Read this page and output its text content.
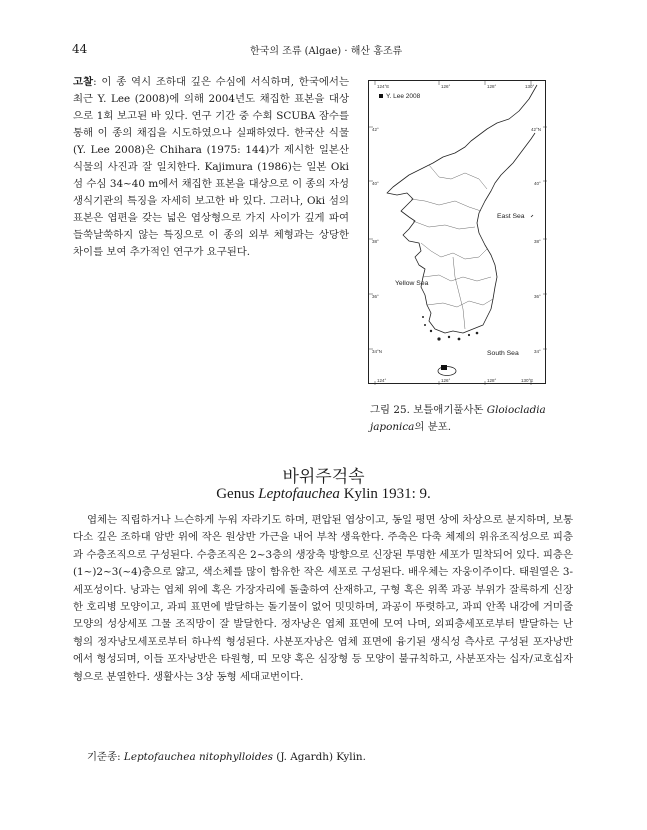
44	한국의 조류 (Algae) · 해산 홍조류
고찰: 이 종 역시 조하대 깊은 수심에 서식하며, 한국에서는 최근 Y. Lee (2008)에 의해 2004년도 채집한 표본을 대상으로 1회 보고된 바 있다. 연구 기간 중 수회 SCUBA 잠수를 통해 이 종의 채집을 시도하였으나 실패하였다. 한국산 식물(Y. Lee 2008)은 Chihara (1975: 144)가 제시한 일본산 식물의 사진과 잘 일치한다. Kajimura (1986)는 일본 Oki섬 수심 34~40 m에서 채집한 표본을 대상으로 이 종의 자성생식기관의 특징을 자세히 보고한 바 있다. 그러나, Oki 섬의 표본은 엽편을 갖는 넓은 엽상형으로 가지 사이가 깊게 파여 들쑥날쑥하지 않는 특징으로 이 종의 외부 체형과는 상당한 차이를 보여 추가적인 연구가 요구된다.
124°E	126°	128°	130°
124°	126°	128°	130°E
42°
40°
38°
36°
34°N
42°N
40°
38°
36°
34°
Y. Lee 2008
East Sea
Yellow Sea
South Sea
그림 25. 보틀애기풀사돈 Gloiocladia japonica의 분포.
바위주걱속
Genus Leptofauchea Kylin 1931: 9.

엽체는 직립하거나 느슨하게 누워 자라기도 하며, 편압된 엽상이고, 동일 평면 상에 차상으로 분지하며, 보통 다소 깊은 조하대 암반 위에 작은 원상반 가근을 내어 부착 생육한다. 주축은 다축 체제의 위유조직성으로 피층과 수층조직으로 구성된다. 수층조직은 2~3층의 생장축 방향으로 신장된 투명한 세포가 밀착되어 있다. 피층은(1~)2~3(~4)층으로 얇고, 색소체를 많이 함유한 작은 세포로 구성된다. 배우체는 자웅이주이다. 태원열은 3-세포성이다. 낭과는 엽체 위에 혹은 가장자리에 돌출하여 산재하고, 구형 혹은 위쪽 과공 부위가 잘록하게 신장한 호리병 모양이고, 과피 표면에 발달하는 돌기물이 없어 밋밋하며, 과공이 뚜렷하고, 과피 안쪽 내강에 거미줄 모양의 성상세포 그물 조직망이 잘 발달한다. 정자낭은 엽체 표면에 모여 나며, 외피층세포로부터 발달하는 난형의 정자낭모세포로부터 하나씩 형성된다. 사분포자낭은 엽체 표면에 융기된 생식성 측사로 구성된 포자낭반에서 형성되며, 이들 포자낭반은 타원형, 띠 모양 혹은 심장형 등 모양이 불규칙하고, 사분포자는 십자/교호십자형으로 분열한다. 생활사는 3상 동형 세대교번이다.

기준종: Leptofauchea nitophylloides (J. Agardh) Kylin.
